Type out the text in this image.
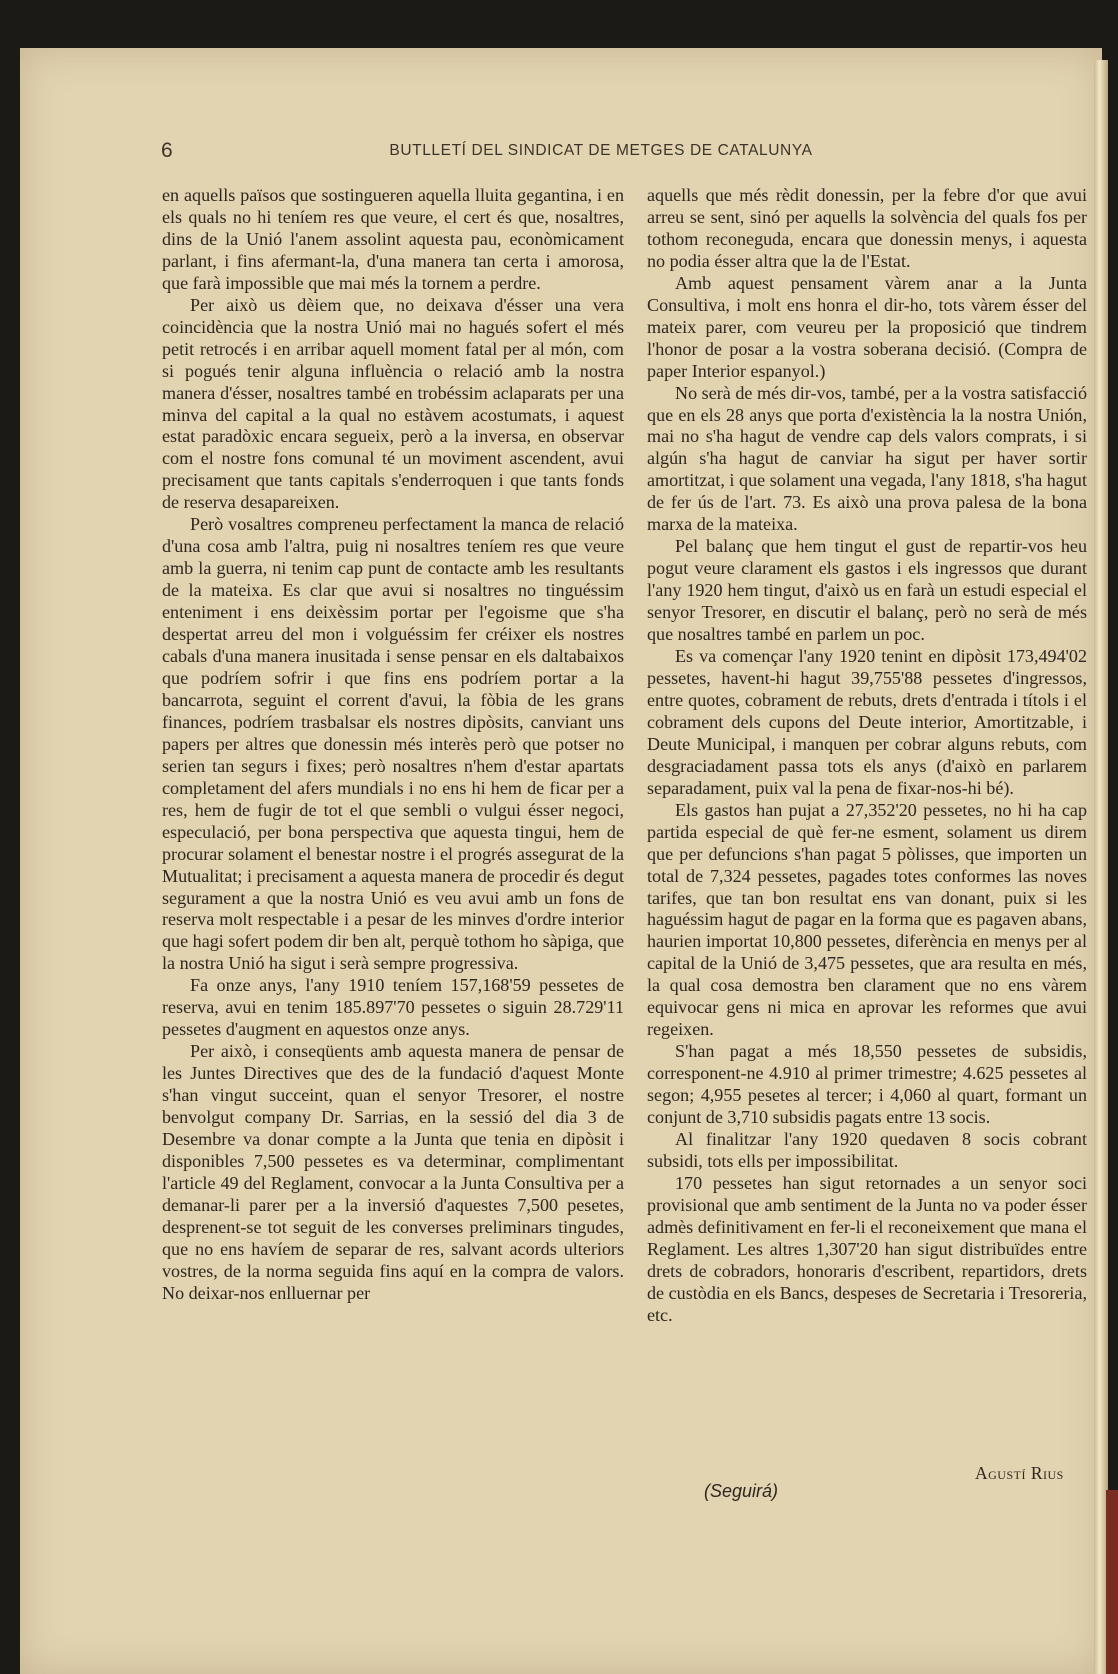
6	BUTLLETÍ DEL SINDICAT DE METGES DE CATALUNYA

en aquells països que sostingueren aquella lluita gegantina, i en els quals no hi teníem res que veure, el cert és que, nosaltres, dins de la Unió l'anem assolint aquesta pau, econòmicament parlant, i fins afermant-la, d'una manera tan certa i amorosa, que farà impossible que mai més la tornem a perdre.

Per això us dèiem que, no deixava d'ésser una vera coincidència que la nostra Unió mai no hagués sofert el més petit retrocés i en arribar aquell moment fatal per al món, com si pogués tenir alguna influència o relació amb la nostra manera d'ésser, nosaltres també en trobéssim aclaparats per una minva del capital a la qual no estàvem acostumats, i aquest estat paradòxic encara segueix, però a la inversa, en observar com el nostre fons comunal té un moviment ascendent, avui precisament que tants capitals s'enderroquen i que tants fonds de reserva desapareixen.

Però vosaltres compreneu perfectament la manca de relació d'una cosa amb l'altra, puig ni nosaltres teníem res que veure amb la guerra, ni tenim cap punt de contacte amb les resultants de la mateixa. Es clar que avui si nosaltres no tinguéssim enteniment i ens deixèssim portar per l'egoisme que s'ha despertat arreu del mon i volguéssim fer créixer els nostres cabals d'una manera inusitada i sense pensar en els daltabaixos que podríem sofrir i que fins ens podríem portar a la bancarrota, seguint el corrent d'avui, la fòbia de les grans finances, podríem trasbalsar els nostres dipòsits, canviant uns papers per altres que donessin més interès però que potser no serien tan segurs i fixes; però nosaltres n'hem d'estar apartats completament del afers mundials i no ens hi hem de ficar per a res, hem de fugir de tot el que sembli o vulgui ésser negoci, especulació, per bona perspectiva que aquesta tingui, hem de procurar solament el benestar nostre i el progrés assegurat de la Mutualitat; i precisament a aquesta manera de procedir és degut segurament a que la nostra Unió es veu avui amb un fons de reserva molt respectable i a pesar de les minves d'ordre interior que hagi sofert podem dir ben alt, perquè tothom ho sàpiga, que la nostra Unió ha sigut i serà sempre progressiva.

Fa onze anys, l'any 1910 teníem 157,168'59 pessetes de reserva, avui en tenim 185.897'70 pessetes o siguin 28.729'11 pessetes d'augment en aquestos onze anys.

Per això, i conseqüents amb aquesta manera de pensar de les Juntes Directives que des de la fundació d'aquest Monte s'han vingut succeint, quan el senyor Tresorer, el nostre benvolgut company Dr. Sarrias, en la sessió del dia 3 de Desembre va donar compte a la Junta que tenia en dipòsit i disponibles 7,500 pessetes es va determinar, complimentant l'article 49 del Reglament, convocar a la Junta Consultiva per a demanar-li parer per a la inversió d'aquestes 7,500 pesetes, desprenent-se tot seguit de les converses preliminars tingudes, que no ens havíem de separar de res, salvant acords ulteriors vostres, de la norma seguida fins aquí en la compra de valors. No deixar-nos enlluernar per

aquells que més rèdit donessin, per la febre d'or que avui arreu se sent, sinó per aquells la solvència del quals fos per tothom reconeguda, encara que donessin menys, i aquesta no podia ésser altra que la de l'Estat.

Amb aquest pensament vàrem anar a la Junta Consultiva, i molt ens honra el dir-ho, tots vàrem ésser del mateix parer, com veureu per la proposició que tindrem l'honor de posar a la vostra soberana decisió. (Compra de paper Interior espanyol.)

No serà de més dir-vos, també, per a la vostra satisfacció que en els 28 anys que porta d'existència la la nostra Unión, mai no s'ha hagut de vendre cap dels valors comprats, i si algún s'ha hagut de canviar ha sigut per haver sortir amortitzat, i que solament una vegada, l'any 1818, s'ha hagut de fer ús de l'art. 73. Es això una prova palesa de la bona marxa de la mateixa.

Pel balanç que hem tingut el gust de repartir-vos heu pogut veure clarament els gastos i els ingressos que durant l'any 1920 hem tingut, d'això us en farà un estudi especial el senyor Tresorer, en discutir el balanç, però no serà de més que nosaltres també en parlem un poc.

Es va començar l'any 1920 tenint en dipòsit 173,494'02 pessetes, havent-hi hagut 39,755'88 pessetes d'ingressos, entre quotes, cobrament de rebuts, drets d'entrada i títols i el cobrament dels cupons del Deute interior, Amortitzable, i Deute Municipal, i manquen per cobrar alguns rebuts, com desgraciadament passa tots els anys (d'això en parlarem separadament, puix val la pena de fixar-nos-hi bé).

Els gastos han pujat a 27,352'20 pessetes, no hi ha cap partida especial de què fer-ne esment, solament us direm que per defuncions s'han pagat 5 pòlisses, que importen un total de 7,324 pessetes, pagades totes conformes las noves tarifes, que tan bon resultat ens van donant, puix si les haguéssim hagut de pagar en la forma que es pagaven abans, haurien importat 10,800 pessetes, diferència en menys per al capital de la Unió de 3,475 pessetes, que ara resulta en més, la qual cosa demostra ben clarament que no ens vàrem equivocar gens ni mica en aprovar les reformes que avui regeixen.

S'han pagat a més 18,550 pessetes de subsidis, corresponent-ne 4.910 al primer trimestre; 4.625 pessetes al segon; 4,955 pesetes al tercer; i 4,060 al quart, formant un conjunt de 3,710 subsidis pagats entre 13 socis.

Al finalitzar l'any 1920 quedaven 8 socis cobrant subsidi, tots ells per impossibilitat.

170 pessetes han sigut retornades a un senyor soci provisional que amb sentiment de la Junta no va poder ésser admès definitivament en fer-li el reconeixement que mana el Reglament. Les altres 1,307'20 han sigut distribuïdes entre drets de cobradors, honoraris d'escribent, repartidors, drets de custòdia en els Bancs, despeses de Secretaria i Tresoreria, etc.

Agustí Rius
(Seguirá)
